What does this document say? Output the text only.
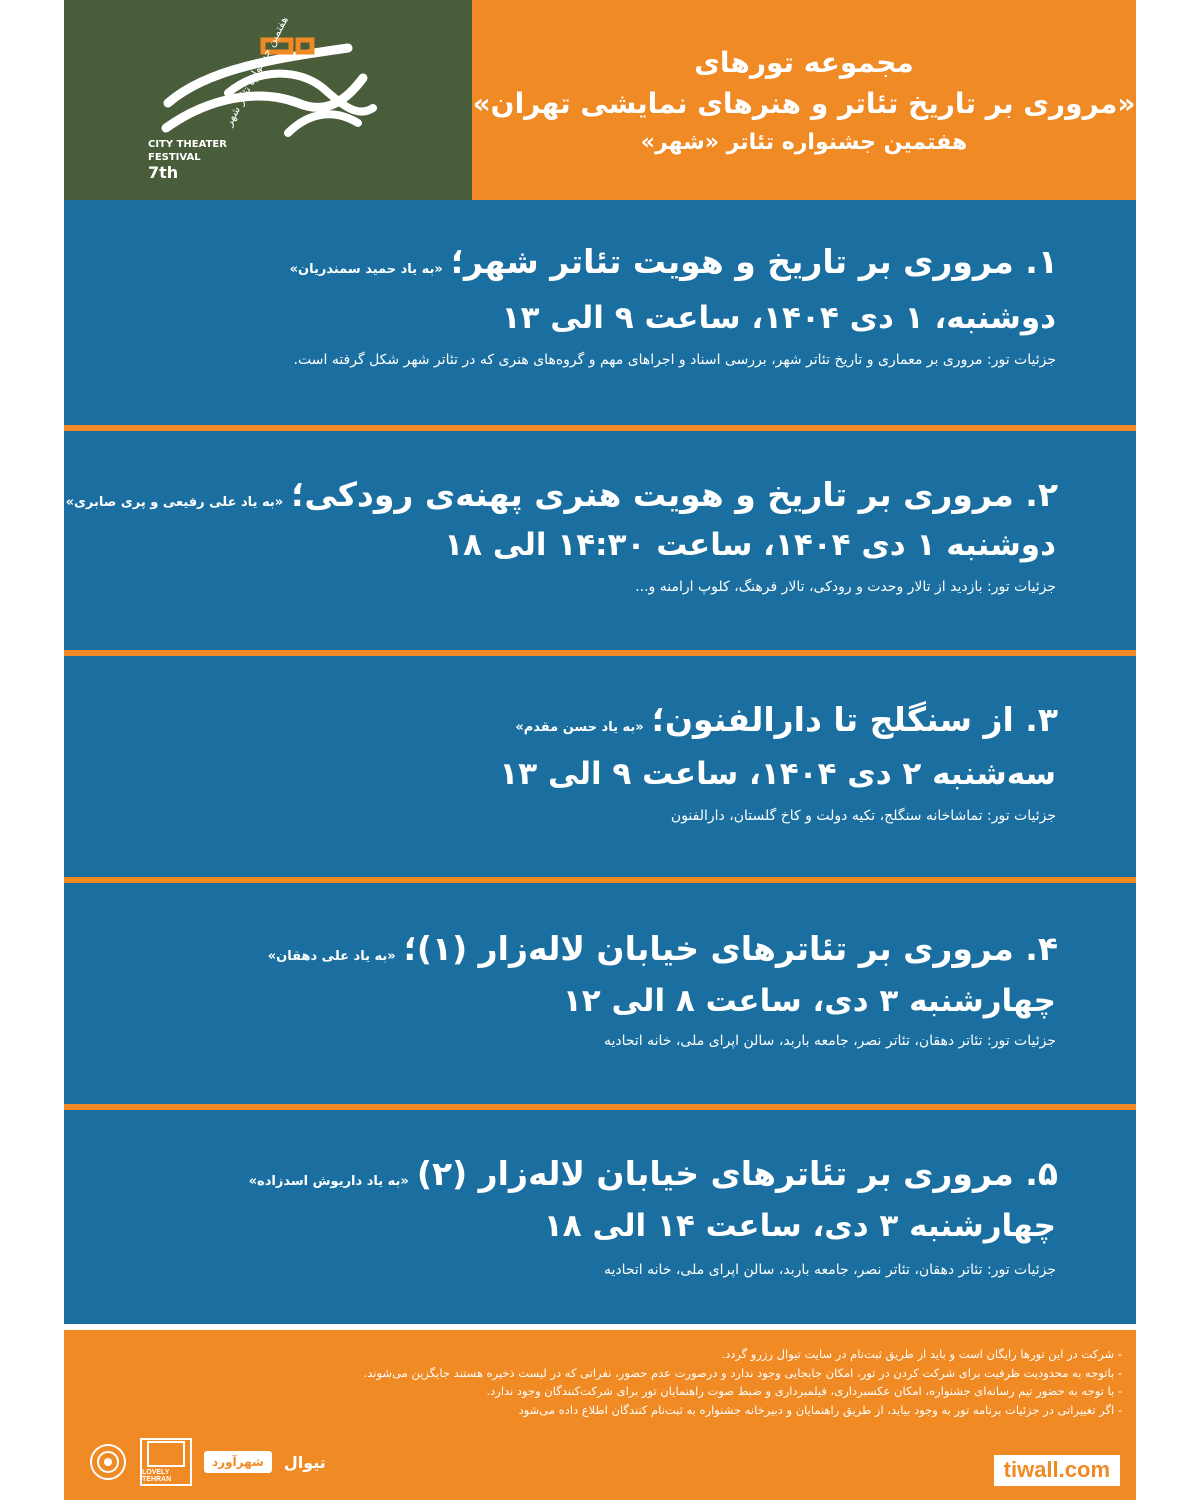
CITY THEATER
FESTIVAL
7th
هفتمین جشنواره تئاتر شهر	مجموعه تورهای
«مروری بر تاریخ تئاتر و هنرهای نمایشی تهران»
هفتمین جشنواره تئاتر «شهر»
۱. مروری بر تاریخ و هویت تئاتر شهر؛
«به یاد حمید سمندریان»
دوشنبه، ۱ دی ۱۴۰۴، ساعت ۹ الی ۱۳
جزئیات تور: مروری بر معماری و تاریخ تئاتر شهر، بررسی اسناد و اجراهای مهم و گروه‌های هنری که در تئاتر شهر شکل گرفته است.
۲. مروری بر تاریخ و هویت هنری پهنه‌ی رودکی؛
«به یاد علی رفیعی و پری صابری»
دوشنبه ۱ دی ۱۴۰۴، ساعت ۱۴:۳۰ الی ۱۸
جزئیات تور: بازدید از تالار وحدت و رودکی، تالار فرهنگ، کلوپ ارامنه و...
۳. از سنگلج تا دارالفنون؛
«به یاد حسن مقدم»
سه‌شنبه ۲ دی ۱۴۰۴، ساعت ۹ الی ۱۳
جزئیات تور: تماشاخانه سنگلج، تکیه دولت و کاخ گلستان، دارالفنون
۴. مروری بر تئاترهای خیابان لاله‌زار (۱)؛
«به یاد علی دهقان»
چهارشنبه ۳ دی، ساعت ۸ الی ۱۲
جزئیات تور: تئاتر دهقان، تئاتر نصر، جامعه باربد، سالن اپرای ملی، خانه اتحادیه
۵. مروری بر تئاترهای خیابان لاله‌زار (۲)
«به یاد داریوش اسدزاده»
چهارشنبه ۳ دی، ساعت ۱۴ الی ۱۸
جزئیات تور: تئاتر دهقان، تئاتر نصر، جامعه باربد، سالن اپرای ملی، خانه اتحادیه
- شرکت در این تورها رایگان است و باید از طریق ثبت‌نام در سایت تیوال رزرو گردد.
- باتوجه به محدودیت ظرفیت برای شرکت کردن در تور، امکان جابجایی وجود ندارد و درصورت عدم حضور، نفراتی که در لیست ذخیره هستند جایگزین می‌شوند.
- با توجه به حضور تیم رسانه‌ای جشنواره، امکان عکسبرداری، فیلمبرداری و ضبط صوت راهنمایان تور برای شرکت‌کنندگان وجود ندارد.
- اگر تغییراتی در جزئیات برنامه تور به وجود بیاید، از طریق راهنمایان و دبیرخانه جشنواره به ثبت‌نام کنندگان اطلاع داده می‌شود
tiwall.com
LOVELY TEHRAN
شهرآورد	تیوال
